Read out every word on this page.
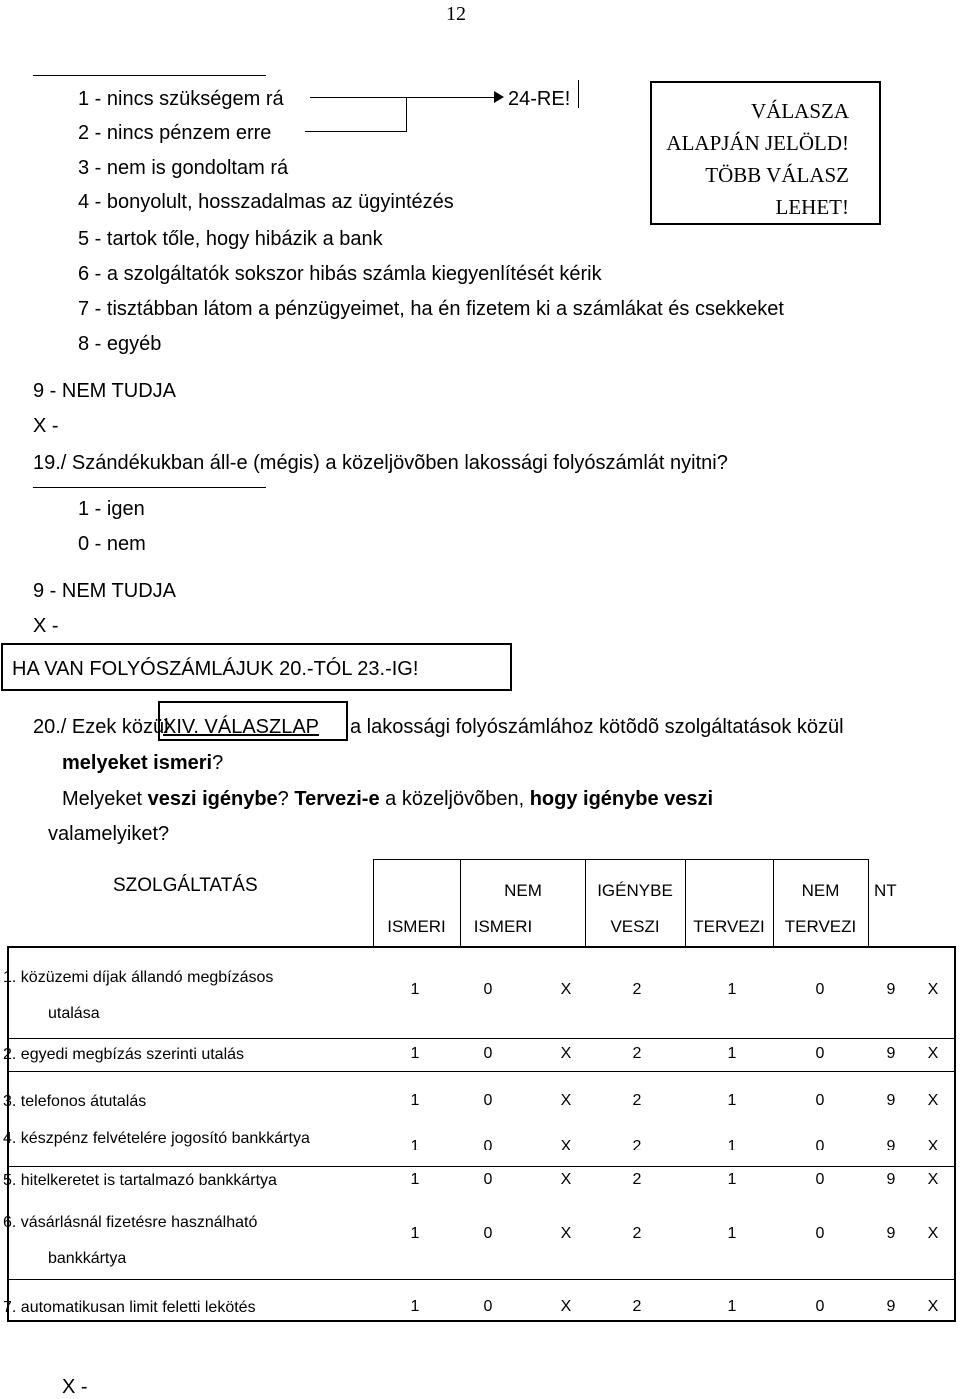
12
1 - nincs szükségem rá
2 - nincs pénzem erre
3 - nem is gondoltam rá
4 - bonyolult, hosszadalmas az ügyintézés
5 - tartok tőle, hogy hibázik a bank
6 - a szolgáltatók sokszor hibás számla kiegyenlítését kérik
7 - tisztábban látom a pénzügyeimet, ha én fizetem ki a számlákat és csekkeket
8 - egyéb
24-RE!	VÁLASZA
ALAPJÁN JELÖLD!
TÖBB VÁLASZ
LEHET!
9 - NEM TUDJA
X -
19./ Szándékukban áll-e (mégis) a közeljövõben lakossági folyószámlát nyitni?
1 - igen
0 - nem
9 - NEM TUDJA
X -
HA VAN FOLYÓSZÁMLÁJUK 20.-TÓL 23.-IG!
20./ Ezek közül
XIV. VÁLASZLAP a lakossági folyószámlához kötõdõ szolgáltatások közül
melyeket ismeri?
Melyeket veszi igénybe? Tervezi-e a közeljövõben, hogy igénybe veszi
valamelyiket?
SZOLGÁLTATÁS	NEM	IGÉNYBE	NEM	NT
ISMERI	ISMERI	VESZI	TERVEZI	TERVEZI
1. közüzemi díjak állandó megbízásos
utalása
1	0	X	2	1	0	9	X
2. egyedi megbízás szerinti utalás	1	0	X	2	1	0	9	X
3. telefonos átutalás	1	0	X	2	1	0	9	X
4. készpénz felvételére jogosító bankkártya	1	0	X	2	1	0	9	X
5. hitelkeretet is tartalmazó bankkártya	1	0	X	2	1	0	9	X
6. vásárlásnál fizetésre használható
bankkártya
1	0	X	2	1	0	9	X
7. automatikusan limit feletti lekötés	1	0	X	2	1	0	9	X
X -
